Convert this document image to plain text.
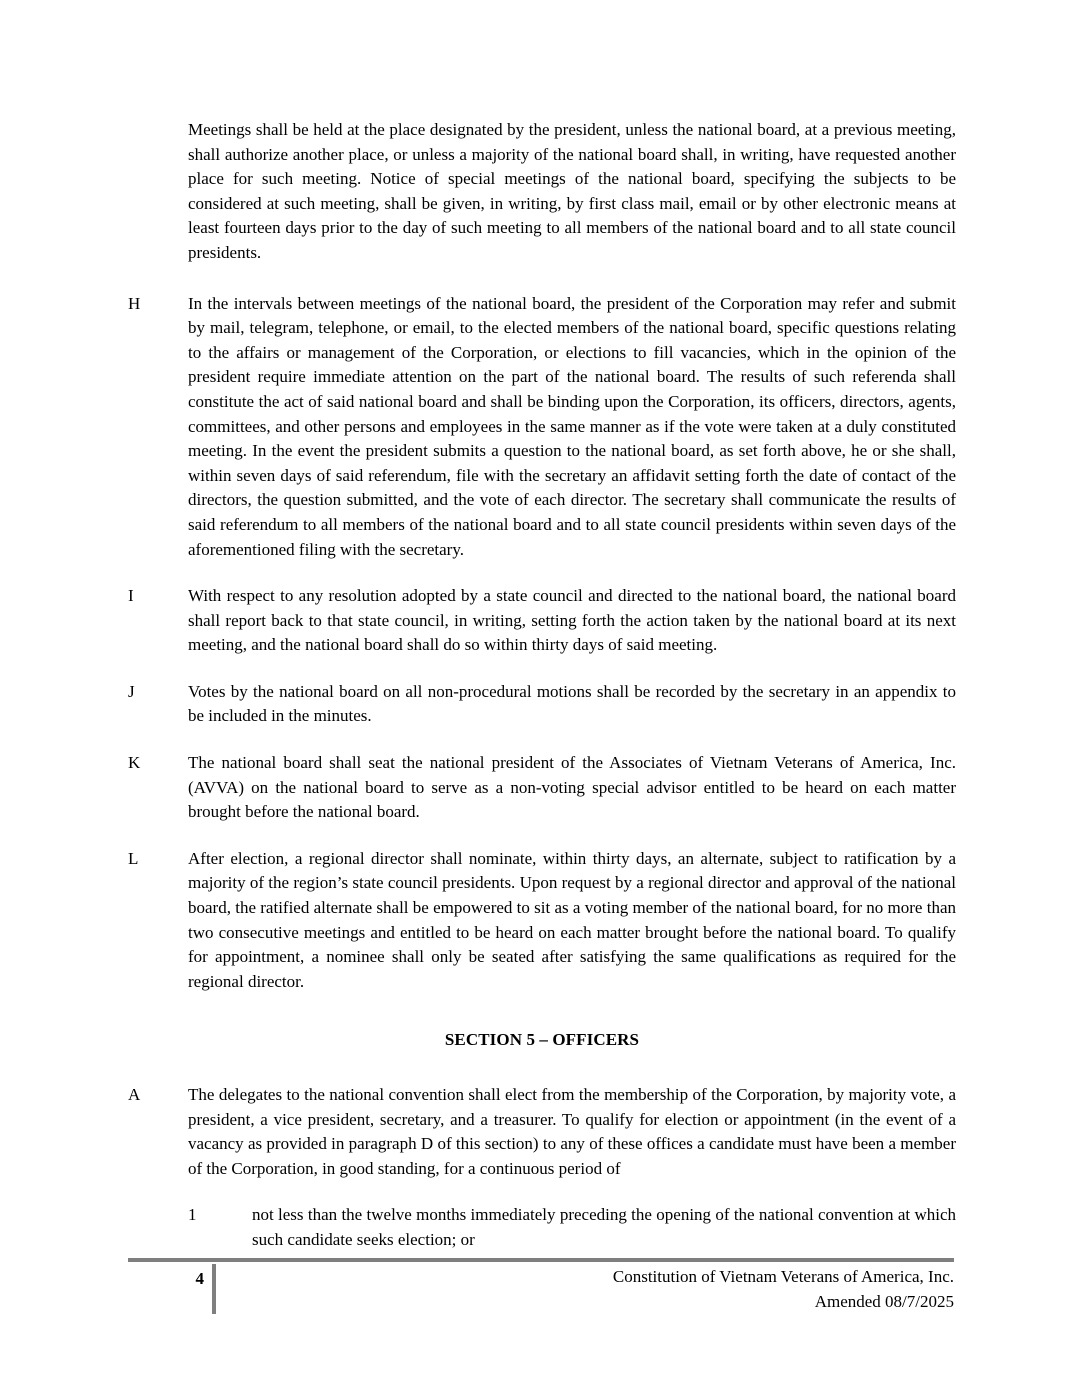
Meetings shall be held at the place designated by the president, unless the national board, at a previous meeting, shall authorize another place, or unless a majority of the national board shall, in writing, have requested another place for such meeting. Notice of special meetings of the national board, specifying the subjects to be considered at such meeting, shall be given, in writing, by first class mail, email or by other electronic means at least fourteen days prior to the day of such meeting to all members of the national board and to all state council presidents.
H	In the intervals between meetings of the national board, the president of the Corporation may refer and submit by mail, telegram, telephone, or email, to the elected members of the national board, specific questions relating to the affairs or management of the Corporation, or elections to fill vacancies, which in the opinion of the president require immediate attention on the part of the national board. The results of such referenda shall constitute the act of said national board and shall be binding upon the Corporation, its officers, directors, agents, committees, and other persons and employees in the same manner as if the vote were taken at a duly constituted meeting. In the event the president submits a question to the national board, as set forth above, he or she shall, within seven days of said referendum, file with the secretary an affidavit setting forth the date of contact of the directors, the question submitted, and the vote of each director. The secretary shall communicate the results of said referendum to all members of the national board and to all state council presidents within seven days of the aforementioned filing with the secretary.
I	With respect to any resolution adopted by a state council and directed to the national board, the national board shall report back to that state council, in writing, setting forth the action taken by the national board at its next meeting, and the national board shall do so within thirty days of said meeting.
J	Votes by the national board on all non-procedural motions shall be recorded by the secretary in an appendix to be included in the minutes.
K	The national board shall seat the national president of the Associates of Vietnam Veterans of America, Inc. (AVVA) on the national board to serve as a non-voting special advisor entitled to be heard on each matter brought before the national board.
L	After election, a regional director shall nominate, within thirty days, an alternate, subject to ratification by a majority of the region’s state council presidents. Upon request by a regional director and approval of the national board, the ratified alternate shall be empowered to sit as a voting member of the national board, for no more than two consecutive meetings and entitled to be heard on each matter brought before the national board. To qualify for appointment, a nominee shall only be seated after satisfying the same qualifications as required for the regional director.
SECTION 5 – OFFICERS
A	The delegates to the national convention shall elect from the membership of the Corporation, by majority vote, a president, a vice president, secretary, and a treasurer. To qualify for election or appointment (in the event of a vacancy as provided in paragraph D of this section) to any of these offices a candidate must have been a member of the Corporation, in good standing, for a continuous period of
1	not less than the twelve months immediately preceding the opening of the national convention at which such candidate seeks election; or
4	Constitution of Vietnam Veterans of America, Inc.
Amended 08/7/2025
